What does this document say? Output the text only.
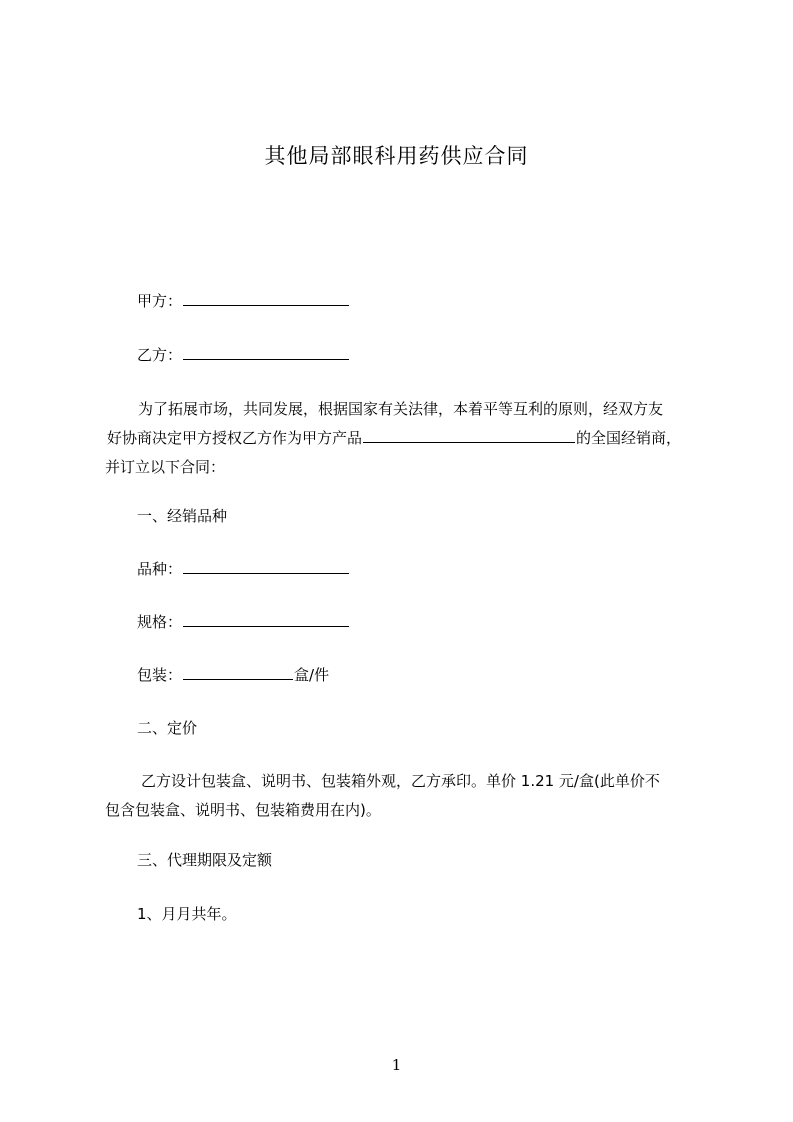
其他局部眼科用药供应合同
甲方：
乙方：
为了拓展市场，共同发展，根据国家有关法律，本着平等互利的原则，经双方友
好协商决定甲方授权乙方作为甲方产品	的全国经销商，
并订立以下合同：
一、经销品种
品种：
规格：
包装：	盒/件
二、定价
乙方设计包装盒、说明书、包装箱外观，乙方承印。单价 1.21 元/盒(此单价不
包含包装盒、说明书、包装箱费用在内)。
三、代理期限及定额
1、月月共年。
1
